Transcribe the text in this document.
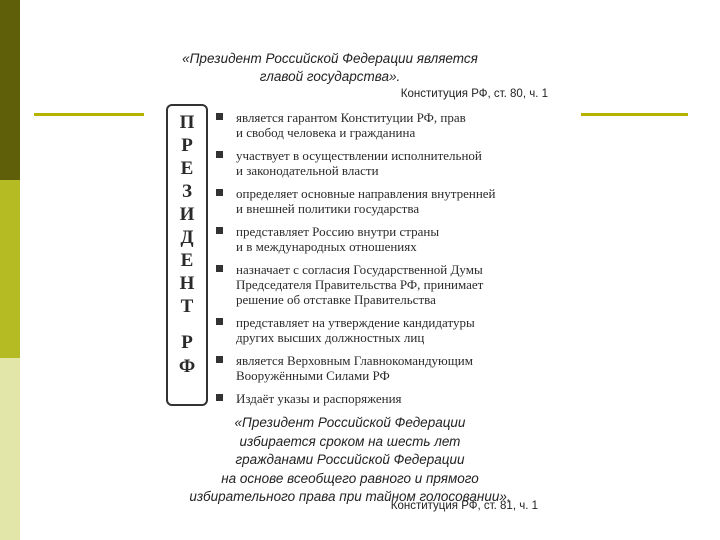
«Президент Российской Федерации является
главой государства».
Конституция РФ, ст. 80, ч. 1
П
Р
Е
З
И
Д
Е
Н
Т
Р
Ф
является гарантом Конституции РФ, прав
и свобод человека и гражданина
участвует в осуществлении исполнительной
и законодательной власти
определяет основные направления внутренней
и внешней политики государства
представляет Россию внутри страны
и в международных отношениях
назначает с согласия Государственной Думы
Председателя Правительства РФ, принимает
решение об отставке Правительства
представляет на утверждение кандидатуры
других высших должностных лиц
является Верховным Главнокомандующим
Вооружёнными Силами РФ
Издаёт указы и распоряжения
«Президент Российской Федерации
избирается сроком на шесть лет
гражданами Российской Федерации
на основе всеобщего равного и прямого
избирательного права при тайном голосовании».
Конституция РФ, ст. 81, ч. 1
